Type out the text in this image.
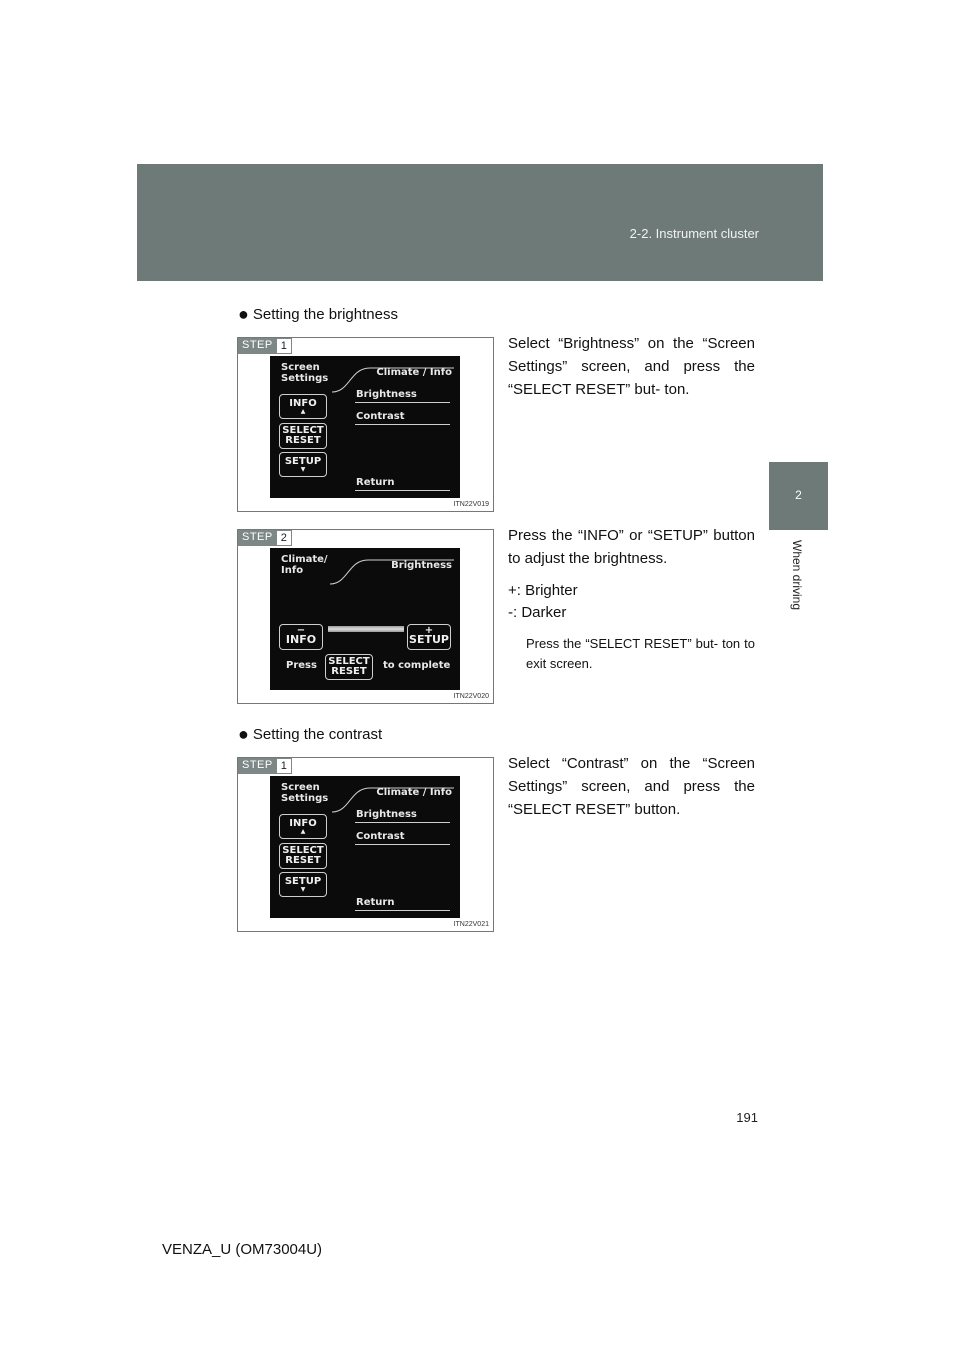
2-2. Instrument cluster
2
When driving
● Setting the brightness
STEP 1
Screen
Settings
Climate / Info
Brightness
Contrast
Return
INFO
▲
SELECT
RESET
SETUP
▼
ITN22V019
Select “Brightness” on the “Screen Settings” screen, and press the “SELECT RESET” but- ton.
STEP 2
Climate/
Info	Brightness
−
INFO
+
SETUP
Press SELECT
RESET
to complete
ITN22V020
Press the “INFO” or “SETUP” button to adjust the brightness.
+: Brighter
-: Darker
Press the “SELECT RESET” but- ton to exit screen.
● Setting the contrast
STEP 1
Screen
Settings
Climate / Info
Brightness
Contrast
Return
INFO
▲
SELECT
RESET
SETUP
▼
ITN22V021
Select “Contrast” on the “Screen Settings” screen, and press the “SELECT RESET” button.
191
VENZA_U (OM73004U)
